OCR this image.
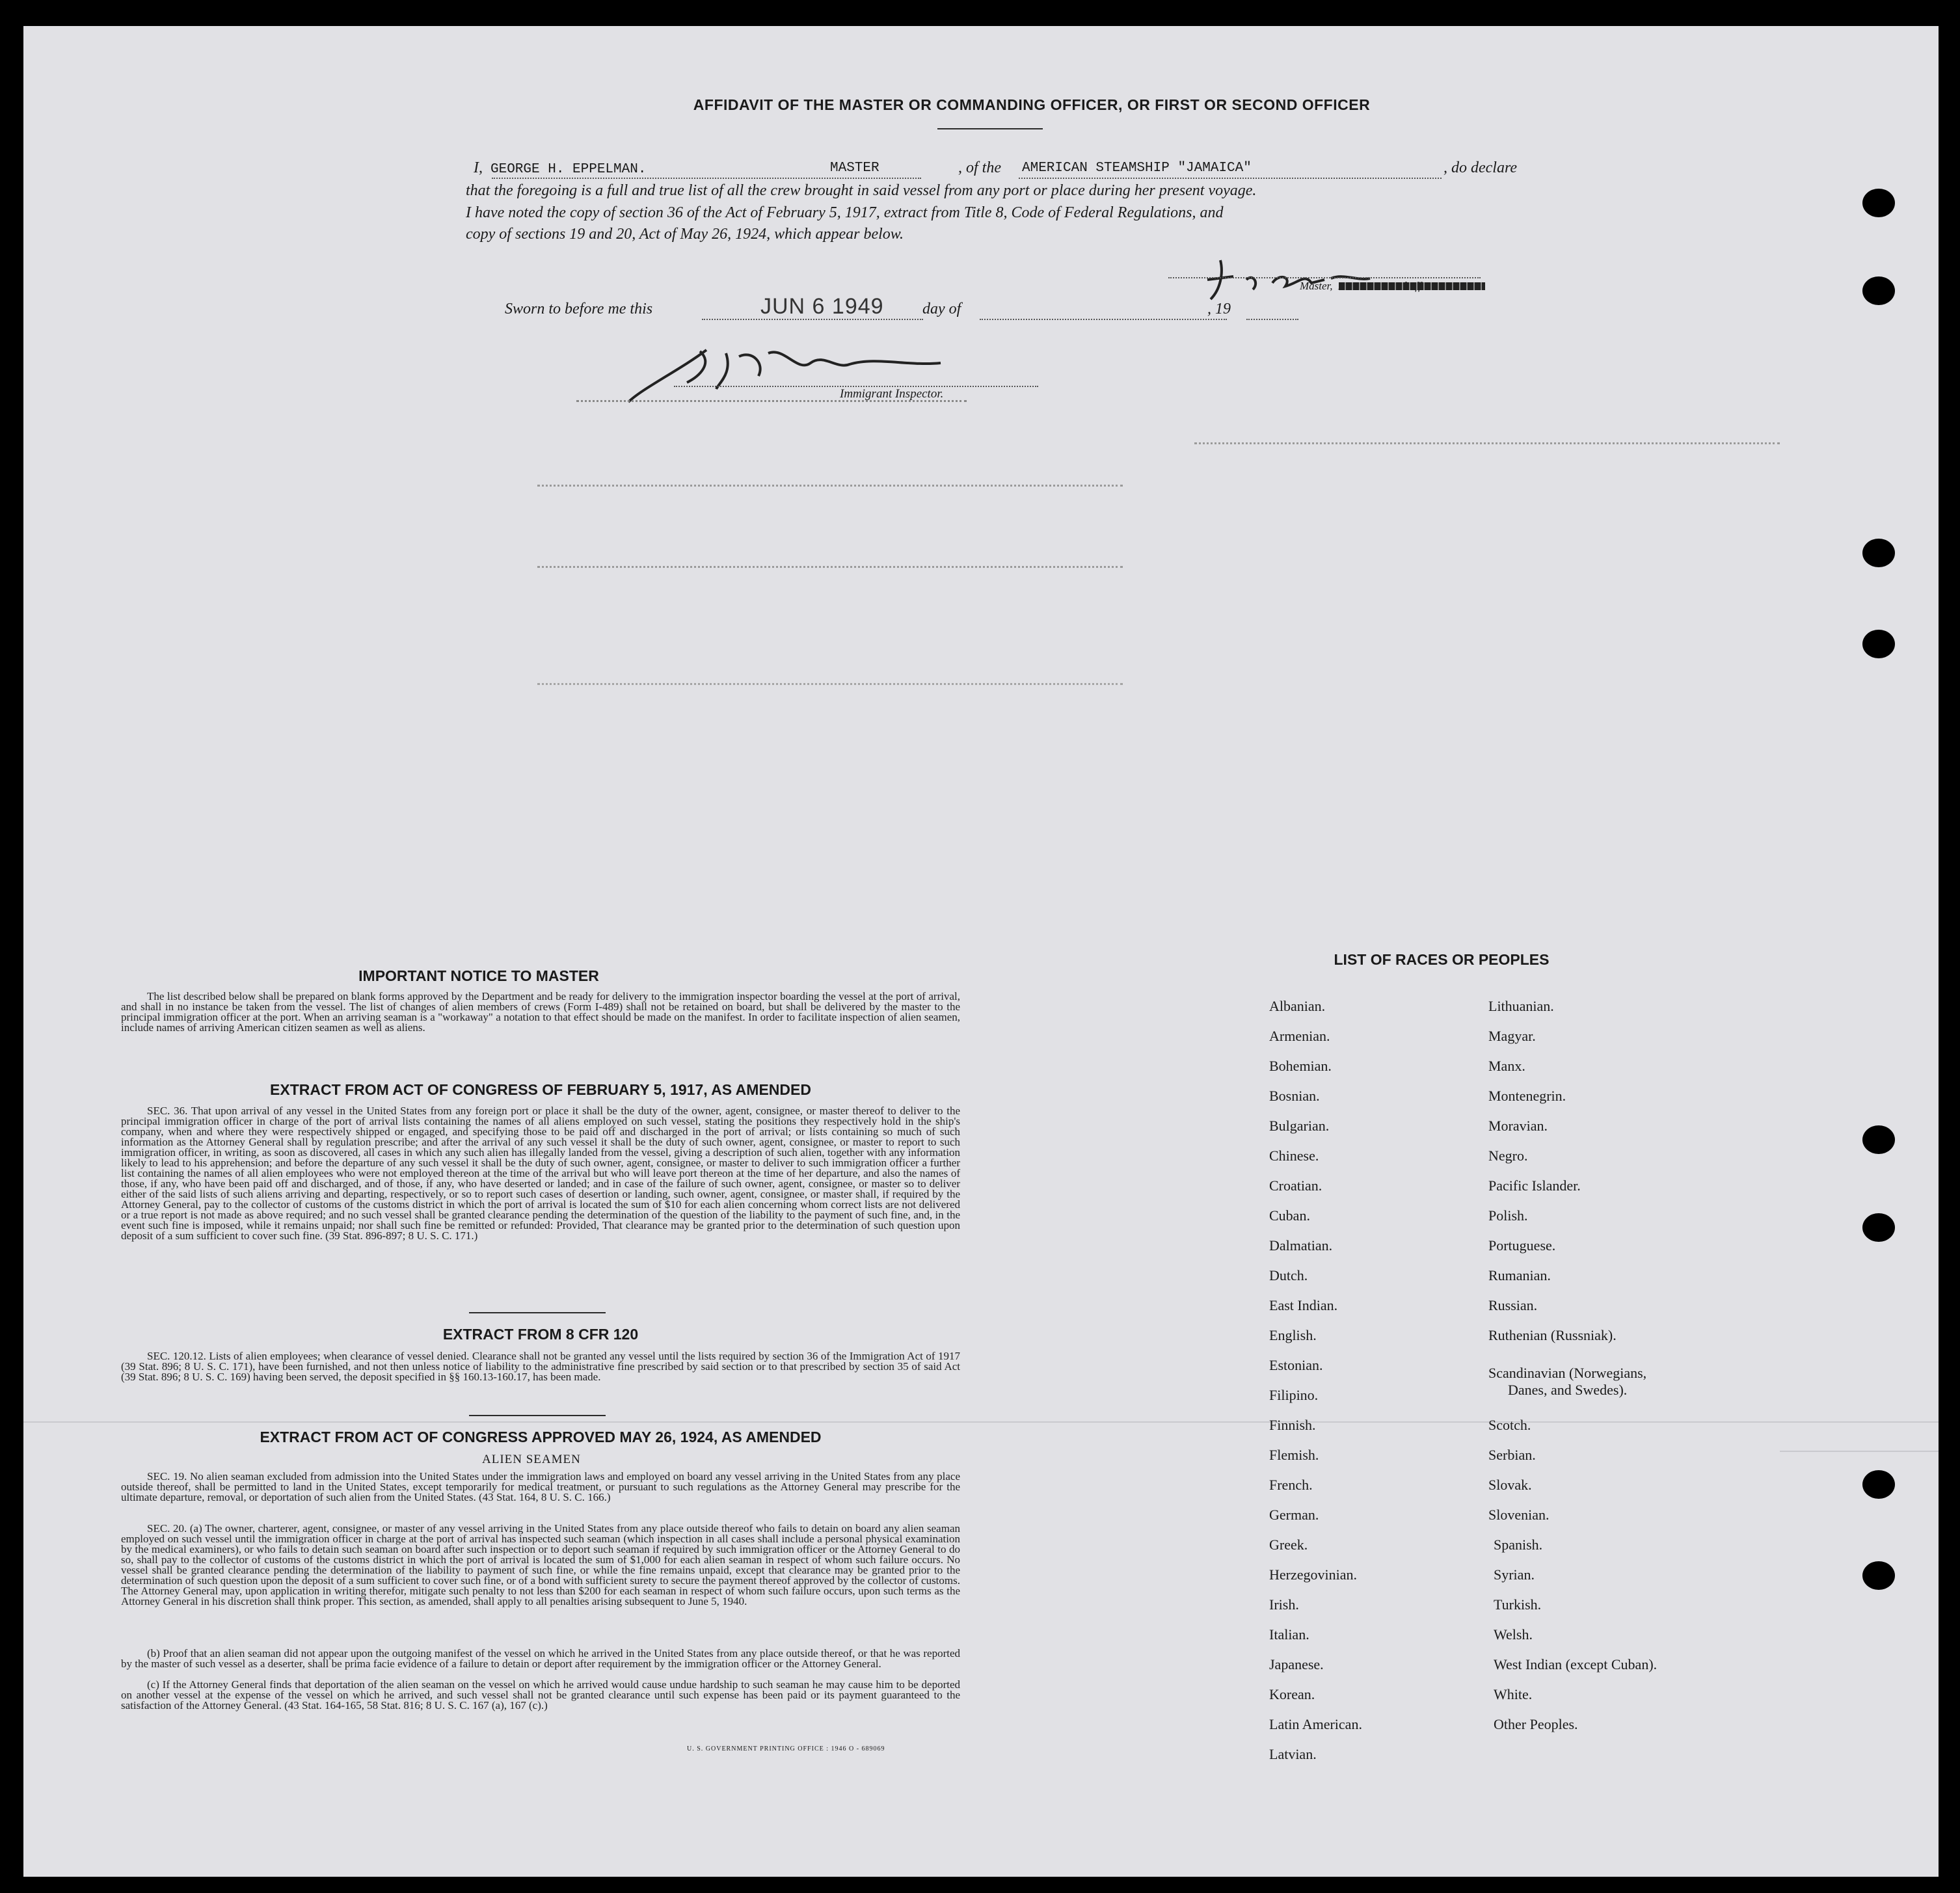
AFFIDAVIT OF THE MASTER OR COMMANDING OFFICER, OR FIRST OR SECOND OFFICER
I, GEORGE H. EPPELMAN.	MASTER	, of the AMERICAN STEAMSHIP "JAMAICA"	, do declare
that the foregoing is a full and true list of all the crew brought in said vessel from any port or place during her present voyage.
I have noted the copy of section 36 of the Act of February 5, 1917, extract from Title 8, Code of Federal Regulations, and
copy of sections 19 and 20, Act of May 26, 1924, which appear below.
Master,
Sworn to before me this	JUN 6 1949 day of	, 19
Immigrant Inspector.
IMPORTANT NOTICE TO MASTER
The list described below shall be prepared on blank forms approved by the Department and be ready for delivery to the immigration inspector boarding the vessel at the port of arrival, and shall in no instance be taken from the vessel. The list of changes of alien members of crews (Form I-489) shall not be retained on board, but shall be delivered by the master to the principal immigration officer at the port. When an arriving seaman is a "workaway" a notation to that effect should be made on the manifest. In order to facilitate inspection of alien seamen, include names of arriving American citizen seamen as well as aliens.
EXTRACT FROM ACT OF CONGRESS OF FEBRUARY 5, 1917, AS AMENDED
SEC. 36. That upon arrival of any vessel in the United States from any foreign port or place it shall be the duty of the owner, agent, consignee, or master thereof to deliver to the principal immigration officer in charge of the port of arrival lists containing the names of all aliens employed on such vessel, stating the positions they respectively hold in the ship's company, when and where they were respectively shipped or engaged, and specifying those to be paid off and discharged in the port of arrival; or lists containing so much of such information as the Attorney General shall by regulation prescribe; and after the arrival of any such vessel it shall be the duty of such owner, agent, consignee, or master to report to such immigration officer, in writing, as soon as discovered, all cases in which any such alien has illegally landed from the vessel, giving a description of such alien, together with any information likely to lead to his apprehension; and before the departure of any such vessel it shall be the duty of such owner, agent, consignee, or master to deliver to such immigration officer a further list containing the names of all alien employees who were not employed thereon at the time of the arrival but who will leave port thereon at the time of her departure, and also the names of those, if any, who have been paid off and discharged, and of those, if any, who have deserted or landed; and in case of the failure of such owner, agent, consignee, or master so to deliver either of the said lists of such aliens arriving and departing, respectively, or so to report such cases of desertion or landing, such owner, agent, consignee, or master shall, if required by the Attorney General, pay to the collector of customs of the customs district in which the port of arrival is located the sum of $10 for each alien concerning whom correct lists are not delivered or a true report is not made as above required; and no such vessel shall be granted clearance pending the determination of the question of the liability to the payment of such fine, and, in the event such fine is imposed, while it remains unpaid; nor shall such fine be remitted or refunded: Provided, That clearance may be granted prior to the determination of such question upon deposit of a sum sufficient to cover such fine. (39 Stat. 896-897; 8 U. S. C. 171.)
EXTRACT FROM 8 CFR 120
SEC. 120.12. Lists of alien employees; when clearance of vessel denied. Clearance shall not be granted any vessel until the lists required by section 36 of the Immigration Act of 1917 (39 Stat. 896; 8 U. S. C. 171), have been furnished, and not then unless notice of liability to the administrative fine prescribed by said section or to that prescribed by section 35 of said Act (39 Stat. 896; 8 U. S. C. 169) having been served, the deposit specified in §§ 160.13-160.17, has been made.
EXTRACT FROM ACT OF CONGRESS APPROVED MAY 26, 1924, AS AMENDED
ALIEN SEAMEN
SEC. 19. No alien seaman excluded from admission into the United States under the immigration laws and employed on board any vessel arriving in the United States from any place outside thereof, shall be permitted to land in the United States, except temporarily for medical treatment, or pursuant to such regulations as the Attorney General may prescribe for the ultimate departure, removal, or deportation of such alien from the United States. (43 Stat. 164, 8 U. S. C. 166.)
SEC. 20. (a) The owner, charterer, agent, consignee, or master of any vessel arriving in the United States from any place outside thereof who fails to detain on board any alien seaman employed on such vessel until the immigration officer in charge at the port of arrival has inspected such seaman (which inspection in all cases shall include a personal physical examination by the medical examiners), or who fails to detain such seaman on board after such inspection or to deport such seaman if required by such immigration officer or the Attorney General to do so, shall pay to the collector of customs of the customs district in which the port of arrival is located the sum of $1,000 for each alien seaman in respect of whom such failure occurs. No vessel shall be granted clearance pending the determination of the liability to payment of such fine, or while the fine remains unpaid, except that clearance may be granted prior to the determination of such question upon the deposit of a sum sufficient to cover such fine, or of a bond with sufficient surety to secure the payment thereof approved by the collector of customs. The Attorney General may, upon application in writing therefor, mitigate such penalty to not less than $200 for each seaman in respect of whom such failure occurs, upon such terms as the Attorney General in his discretion shall think proper. This section, as amended, shall apply to all penalties arising subsequent to June 5, 1940.
(b) Proof that an alien seaman did not appear upon the outgoing manifest of the vessel on which he arrived in the United States from any place outside thereof, or that he was reported by the master of such vessel as a deserter, shall be prima facie evidence of a failure to detain or deport after requirement by the immigration officer or the Attorney General.
(c) If the Attorney General finds that deportation of the alien seaman on the vessel on which he arrived would cause undue hardship to such seaman he may cause him to be deported on another vessel at the expense of the vessel on which he arrived, and such vessel shall not be granted clearance until such expense has been paid or its payment guaranteed to the satisfaction of the Attorney General. (43 Stat. 164-165, 58 Stat. 816; 8 U. S. C. 167 (a), 167 (c).)
U. S. GOVERNMENT PRINTING OFFICE : 1946 O - 689069
LIST OF RACES OR PEOPLES
Albanian.
Armenian.
Bohemian.
Bosnian.
Bulgarian.
Chinese.
Croatian.
Cuban.
Dalmatian.
Dutch.
East Indian.
English.
Estonian.
Filipino.
Finnish.
Flemish.
French.
German.
Greek.
Herzegovinian.
Irish.
Italian.
Japanese.
Korean.
Latin American.
Latvian.
Lithuanian.
Magyar.
Manx.
Montenegrin.
Moravian.
Negro.
Pacific Islander.
Polish.
Portuguese.
Rumanian.
Russian.
Ruthenian (Russniak).
Scandinavian (Norwegians,
Danes, and Swedes).
Scotch.
Serbian.
Slovak.
Slovenian.
Spanish.
Syrian.
Turkish.
Welsh.
West Indian (except Cuban).
White.
Other Peoples.
